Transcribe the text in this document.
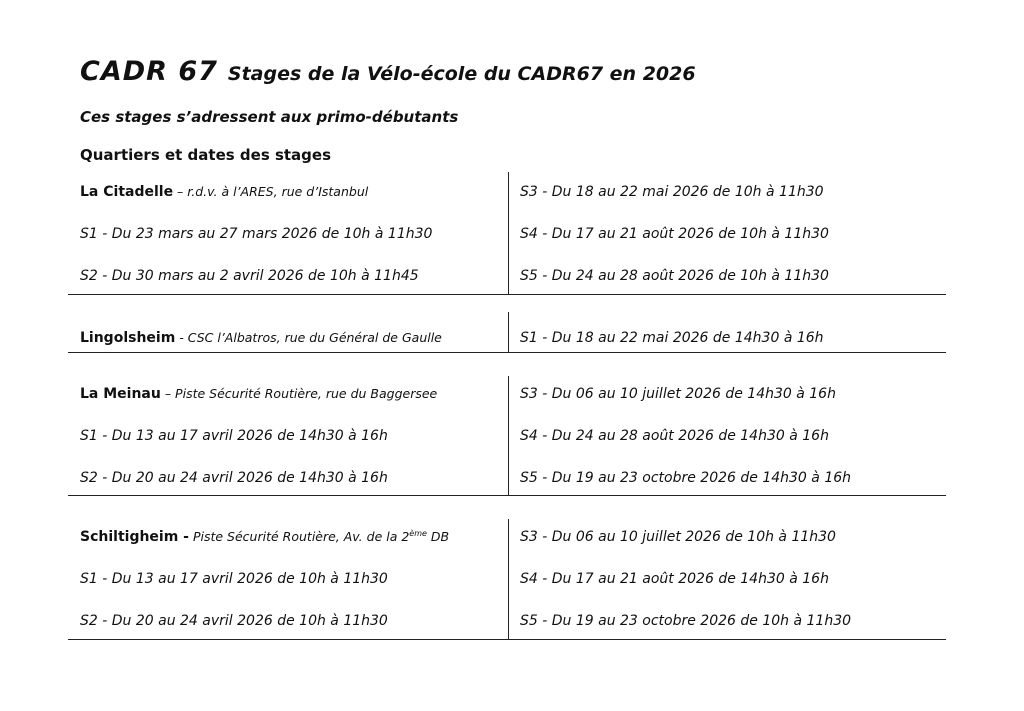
CADR 67 Stages de la Vélo-école du CADR67 en 2026
Ces stages s’adressent aux primo-débutants
Quartiers et dates des stages
La Citadelle – r.d.v. à l’ARES, rue d’Istanbul
S1 - Du 23 mars au 27 mars 2026 de 10h à 11h30
S2 - Du 30 mars au 2 avril 2026 de 10h à 11h45
S3 - Du 18 au 22 mai 2026 de 10h à 11h30
S4 - Du 17 au 21 août 2026 de 10h à 11h30
S5 - Du 24 au 28 août 2026 de 10h à 11h30
Lingolsheim - CSC l’Albatros, rue du Général de Gaulle	S1 - Du 18 au 22 mai 2026 de 14h30 à 16h
La Meinau – Piste Sécurité Routière, rue du Baggersee
S1 - Du 13 au 17 avril 2026 de 14h30 à 16h
S2 - Du 20 au 24 avril 2026 de 14h30 à 16h
S3 - Du 06 au 10 juillet 2026 de 14h30 à 16h
S4 - Du 24 au 28 août 2026 de 14h30 à 16h
S5 - Du 19 au 23 octobre 2026 de 14h30 à 16h
Schiltigheim - Piste Sécurité Routière, Av. de la 2ème DB
S1 - Du 13 au 17 avril 2026 de 10h à 11h30
S2 - Du 20 au 24 avril 2026 de 10h à 11h30
S3 - Du 06 au 10 juillet 2026 de 10h à 11h30
S4 - Du 17 au 21 août 2026 de 14h30 à 16h
S5 - Du 19 au 23 octobre 2026 de 10h à 11h30
